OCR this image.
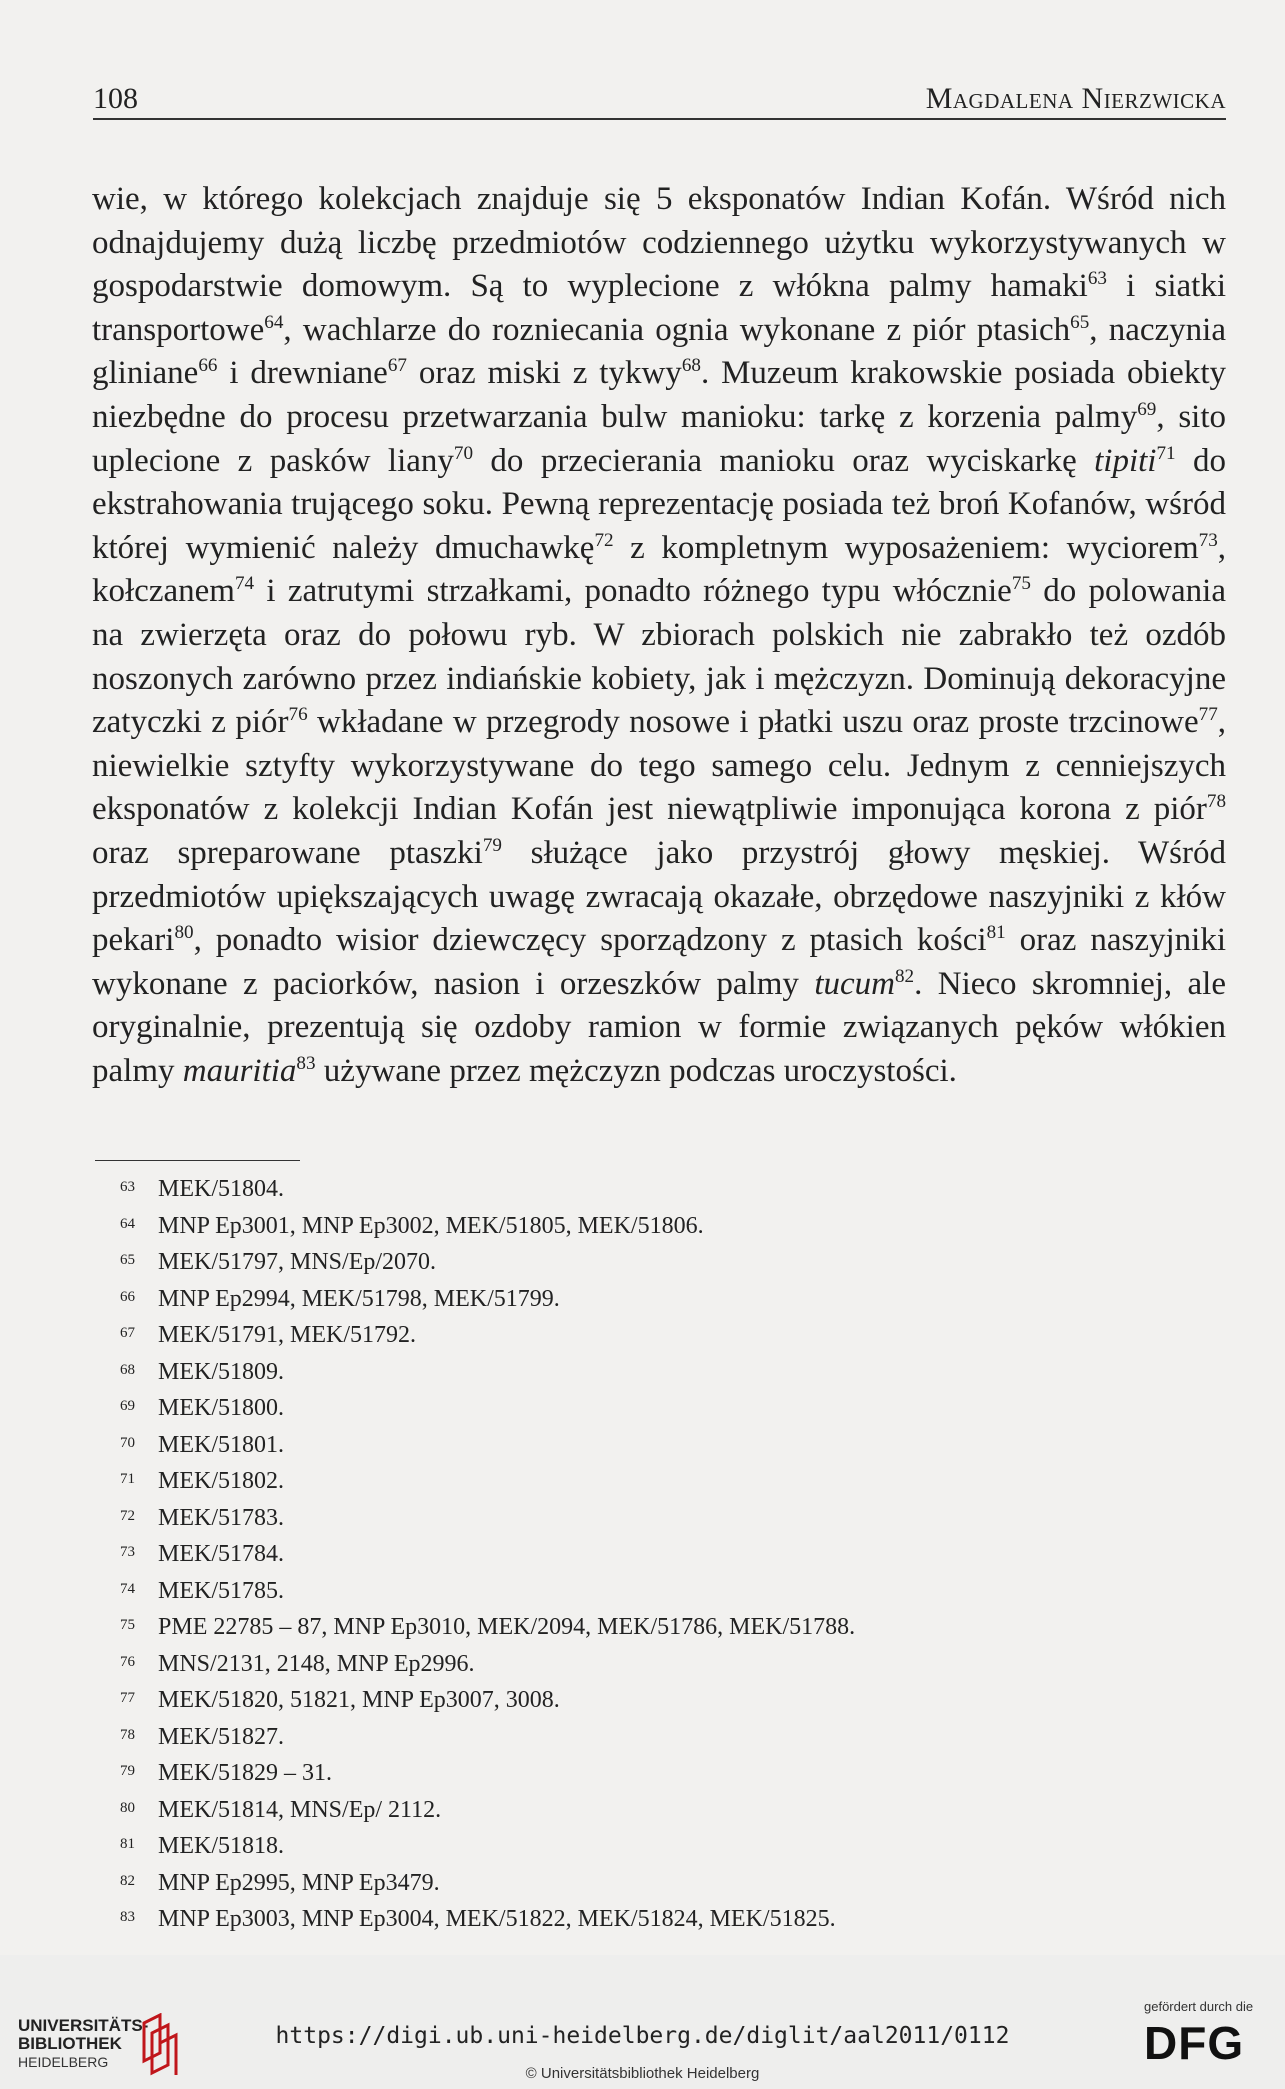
108	Magdalena Nierzwicka

wie, w którego kolekcjach znajduje się 5 eksponatów Indian Kofán. Wśród nich odnajdujemy dużą liczbę przedmiotów codziennego użytku wykorzystywanych w gospodarstwie domowym. Są to wyplecione z włókna palmy hamaki$^{63}$ i siatki transportowe$^{64}$, wachlarze do rozniecania ognia wykonane z piór ptasich$^{65}$, naczynia gliniane$^{66}$ i drewniane$^{67}$ oraz miski z tykwy$^{68}$. Muzeum krakowskie posiada obiekty niezbędne do procesu przetwarzania bulw manioku: tarkę z korzenia palmy$^{69}$, sito uplecione z pasków liany$^{70}$ do przecierania manioku oraz wyciskarkę tipiti$^{71}$ do ekstrahowania trującego soku. Pewną reprezentację posiada też broń Kofanów, wśród której wymienić należy dmuchawkę$^{72}$ z kompletnym wyposażeniem: wyciorem$^{73}$, kołczanem$^{74}$ i zatrutymi strzałkami, ponadto różnego typu włócznie$^{75}$ do polowania na zwierzęta oraz do połowu ryb. W zbiorach polskich nie zabrakło też ozdób noszonych zarówno przez indiańskie kobiety, jak i mężczyzn. Dominują dekoracyjne zatyczki z piór$^{76}$ wkładane w przegrody nosowe i płatki uszu oraz proste trzcinowe$^{77}$, niewielkie sztyfty wykorzystywane do tego samego celu. Jednym z cenniejszych eksponatów z kolekcji Indian Kofán jest niewątpliwie imponująca korona z piór$^{78}$ oraz spreparowane ptaszki$^{79}$ służące jako przystrój głowy męskiej. Wśród przedmiotów upiększających uwagę zwracają okazałe, obrzędowe naszyjniki z kłów pekari$^{80}$, ponadto wisior dziewczęcy sporządzony z ptasich kości$^{81}$ oraz naszyjniki wykonane z paciorków, nasion i orzeszków palmy tucum$^{82}$. Nieco skromniej, ale oryginalnie, prezentują się ozdoby ramion w formie związanych pęków włókien palmy mauritia$^{83}$ używane przez mężczyzn podczas uroczystości.

63 MEK/51804.
64 MNP Ep3001, MNP Ep3002, MEK/51805, MEK/51806.
65 MEK/51797, MNS/Ep/2070.
66 MNP Ep2994, MEK/51798, MEK/51799.
67 MEK/51791, MEK/51792.
68 MEK/51809.
69 MEK/51800.
70 MEK/51801.
71 MEK/51802.
72 MEK/51783.
73 MEK/51784.
74 MEK/51785.
75 PME 22785 – 87, MNP Ep3010, MEK/2094, MEK/51786, MEK/51788.
76 MNS/2131, 2148, MNP Ep2996.
77 MEK/51820, 51821, MNP Ep3007, 3008.
78 MEK/51827.
79 MEK/51829 – 31.
80 MEK/51814, MNS/Ep/ 2112.
81 MEK/51818.
82 MNP Ep2995, MNP Ep3479.
83 MNP Ep3003, MNP Ep3004, MEK/51822, MEK/51824, MEK/51825.
UNIVERSITÄTS-
BIBLIOTHEK
HEIDELBERG
https://digi.ub.uni-heidelberg.de/diglit/aal2011/0112
© Universitätsbibliothek Heidelberg
gefördert durch die
DFG
